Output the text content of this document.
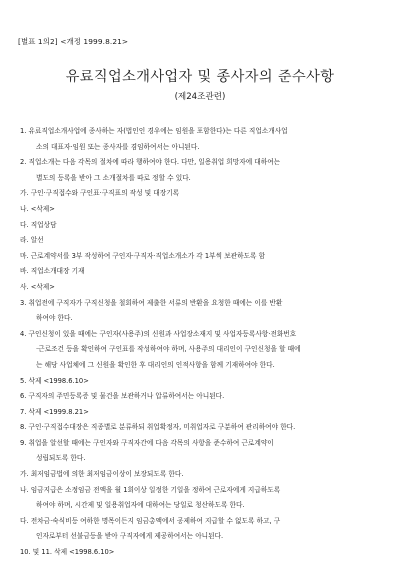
[별표 1의2] <개정 1999.8.21>
유료직업소개사업자 및 종사자의 준수사항
(제24조관련)
1. 유료직업소개사업에 종사하는 자(법인인 경우에는 임원을 포함한다)는 다른 직업소개사업
소의 대표자·임원 또는 종사자를 겸임하여서는 아니된다.
2. 직업소개는 다음 각목의 절차에 따라 행하여야 한다. 다만, 일용취업 희망자에 대하여는
별도의 등록을 받아 그 소개절차를 따로 정할 수 있다.
가. 구인·구직접수와 구인표·구직표의 작성 및 대장기록
나. <삭제>
다. 직업상담
라. 알선
마. 근로계약서를 3부 작성하여 구인자·구직자·직업소개소가 각 1부씩 보관하도록 함
바. 직업소개대장 기재
사. <삭제>
3. 취업전에 구직자가 구직신청을 철회하여 제출한 서류의 반환을 요청한 때에는 이를 반환
하여야 한다.
4. 구인신청이 있을 때에는 구인자(사용주)의 신원과 사업장소재지 및 사업자등록사항·전화번호
·근로조건 등을 확인하여 구인표를 작성하여야 하며, 사용주의 대리인이 구인신청을 할 때에
는 해당 사업체에 그 신원을 확인한 후 대리인의 인적사항을 함께 기재하여야 한다.
5. 삭제 <1998.6.10>
6. 구직자의 주민등록증 및 물건을 보관하거나 압류하여서는 아니된다.
7. 삭제 <1999.8.21>
8. 구인·구직접수대장은 직종별로 분류하되 취업확정자, 미취업자로 구분하여 관리하여야 한다.
9. 취업을 알선할 때에는 구인자와 구직자간에 다음 각목의 사항을 준수하여 근로계약이
성립되도록 한다.
가. 최저임금법에 의한 최저임금이상이 보장되도록 한다.
나. 임금지급은 소정임금 전액을 월 1회이상 일정한 기일을 정하여 근로자에게 지급하도록
하여야 하며, 시간제 및 일용취업자에 대하여는 당일로 청산하도록 한다.
다. 전차금·숙식비등 여하한 명목이든지 임금총액에서 공제하여 지급할 수 없도록 하고, 구
인자로부터 선불금등을 받아 구직자에게 제공하여서는 아니된다.
10. 및 11. 삭제 <1998.6.10>
